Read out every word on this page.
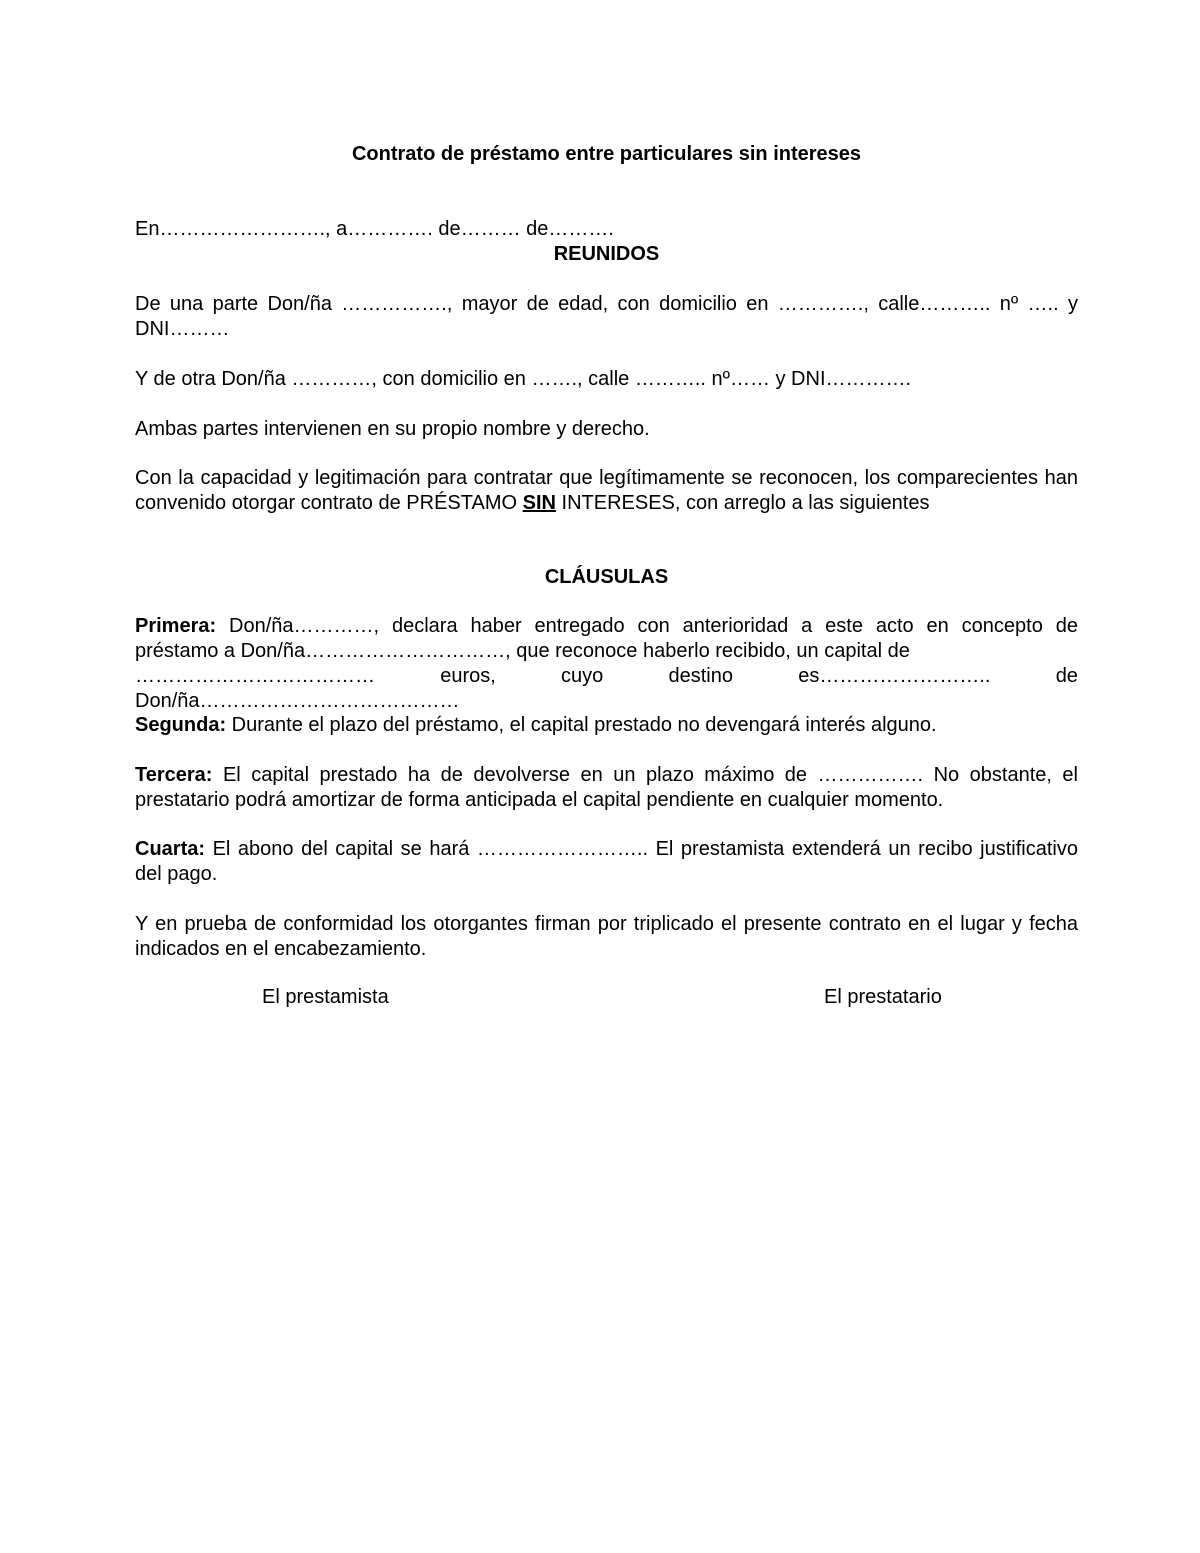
Contrato de préstamo entre particulares sin intereses
En……………………., a…………. de……… de……….
REUNIDOS
De una parte Don/ña ……………., mayor de edad, con domicilio en …………., calle……….. nº ….. y
DNI………
Y de otra Don/ña …………, con domicilio en ……., calle ……….. nº…… y DNI………….
Ambas partes intervienen en su propio nombre y derecho.
Con la capacidad y legitimación para contratar que legítimamente se reconocen, los comparecientes han convenido otorgar contrato de PRÉSTAMO SIN INTERESES, con arreglo a las siguientes
CLÁUSULAS
Primera: Don/ña…………, declara haber entregado con anterioridad a este acto en concepto de préstamo a Don/ña…………………………, que reconoce haberlo recibido, un capital de
………………………………	euros,	cuyo	destino	es……………………..	de
Don/ña…………………………………
Segunda: Durante el plazo del préstamo, el capital prestado no devengará interés alguno.
Tercera: El capital prestado ha de devolverse en un plazo máximo de ……………. No obstante, el prestatario podrá amortizar de forma anticipada el capital pendiente en cualquier momento.
Cuarta: El abono del capital se hará …………………….. El prestamista extenderá un recibo justificativo del pago.
Y en prueba de conformidad los otorgantes firman por triplicado el presente contrato en el lugar y fecha indicados en el encabezamiento.
El prestamista	El prestatario
